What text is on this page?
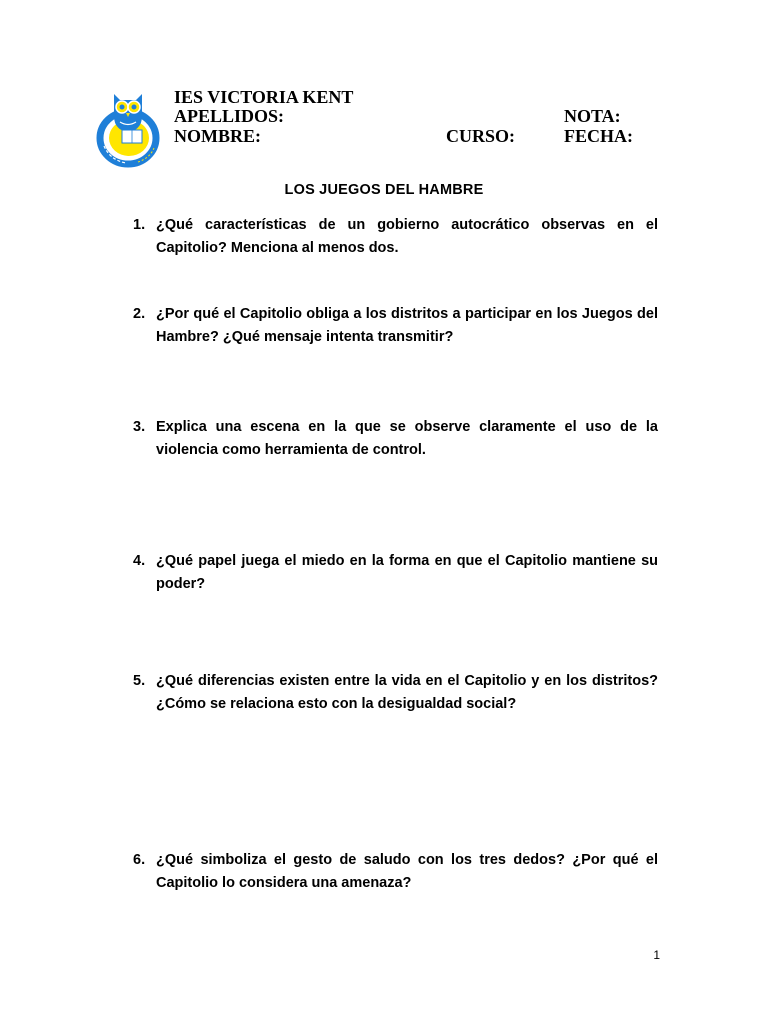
IES VICTORIA KENT
APELLIDOS:	NOTA:
NOMBRE:	CURSO:	FECHA:
LOS JUEGOS DEL HAMBRE
1. ¿Qué características de un gobierno autocrático observas en el Capitolio? Menciona al menos dos.
2. ¿Por qué el Capitolio obliga a los distritos a participar en los Juegos del Hambre? ¿Qué mensaje intenta transmitir?
3. Explica una escena en la que se observe claramente el uso de la violencia como herramienta de control.
4. ¿Qué papel juega el miedo en la forma en que el Capitolio mantiene su poder?
5. ¿Qué diferencias existen entre la vida en el Capitolio y en los distritos? ¿Cómo se relaciona esto con la desigualdad social?
6. ¿Qué simboliza el gesto de saludo con los tres dedos? ¿Por qué el Capitolio lo considera una amenaza?
1
